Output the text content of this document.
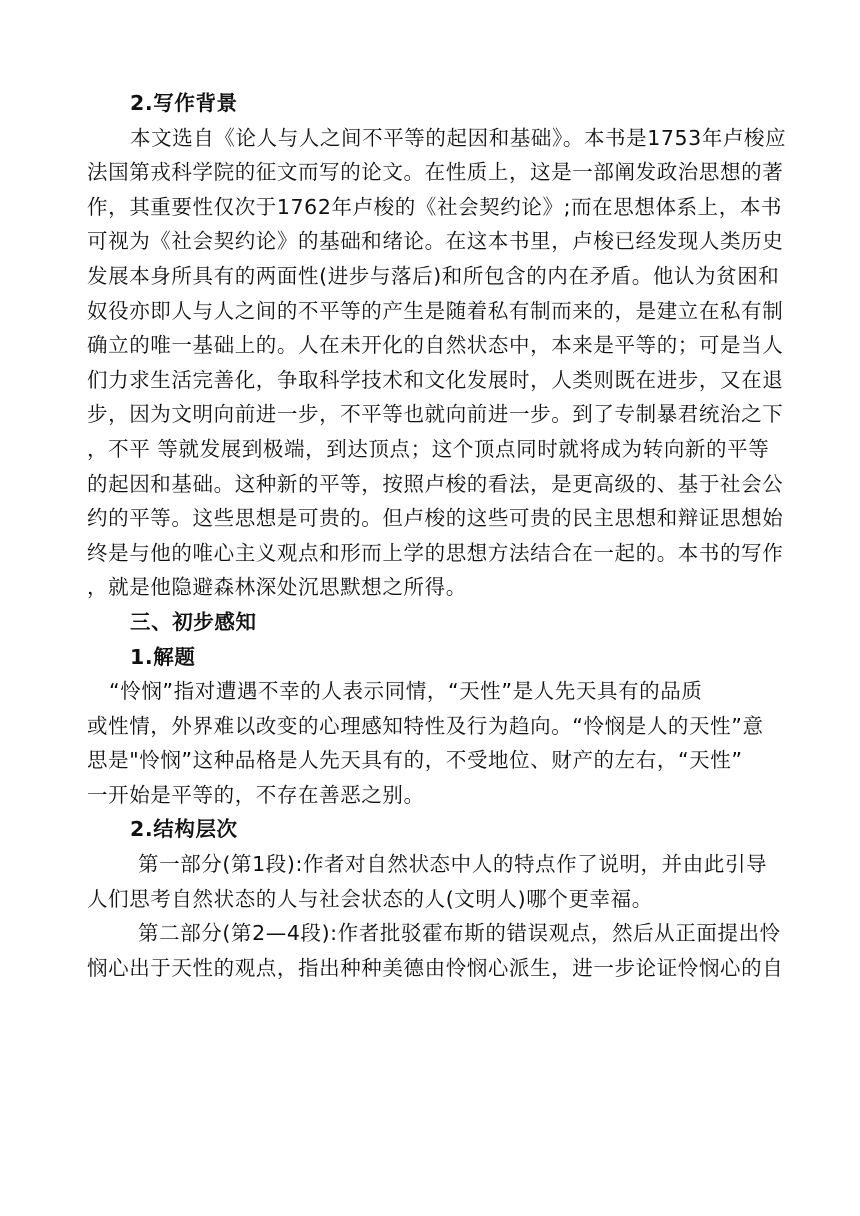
2.写作背景
本文选自《论人与人之间不平等的起因和基础》。本书是1753年卢梭应
法国第戎科学院的征文而写的论文。在性质上，这是一部阐发政治思想的著
作，其重要性仅次于1762年卢梭的《社会契约论》;而在思想体系上，本书
可视为《社会契约论》的基础和绪论。在这本书里，卢梭已经发现人类历史
发展本身所具有的两面性(进步与落后)和所包含的内在矛盾。他认为贫困和
奴役亦即人与人之间的不平等的产生是随着私有制而来的，是建立在私有制
确立的唯一基础上的。人在未开化的自然状态中，本来是平等的；可是当人
们力求生活完善化，争取科学技术和文化发展时，人类则既在进步，又在退
步，因为文明向前进一步，不平等也就向前进一步。到了专制暴君统治之下
，不平 等就发展到极端，到达顶点；这个顶点同时就将成为转向新的平等
的起因和基础。这种新的平等，按照卢梭的看法，是更高级的、基于社会公
约的平等。这些思想是可贵的。但卢梭的这些可贵的民主思想和辩证思想始
终是与他的唯心主义观点和形而上学的思想方法结合在一起的。本书的写作
，就是他隐避森林深处沉思默想之所得。
三、初步感知
1.解题
“怜悯”指对遭遇不幸的人表示同情，“天性”是人先天具有的品质
或性情，外界难以改变的心理感知特性及行为趋向。“怜悯是人的天性”意
思是"怜悯”这种品格是人先天具有的，不受地位、财产的左右，“天性”
一开始是平等的，不存在善恶之别。
2.结构层次
第一部分(第1段):作者对自然状态中人的特点作了说明，并由此引导
人们思考自然状态的人与社会状态的人(文明人)哪个更幸福。
第二部分(第2—4段):作者批驳霍布斯的错误观点，然后从正面提出怜
悯心出于天性的观点，指出种种美德由怜悯心派生，进一步论证怜悯心的自
